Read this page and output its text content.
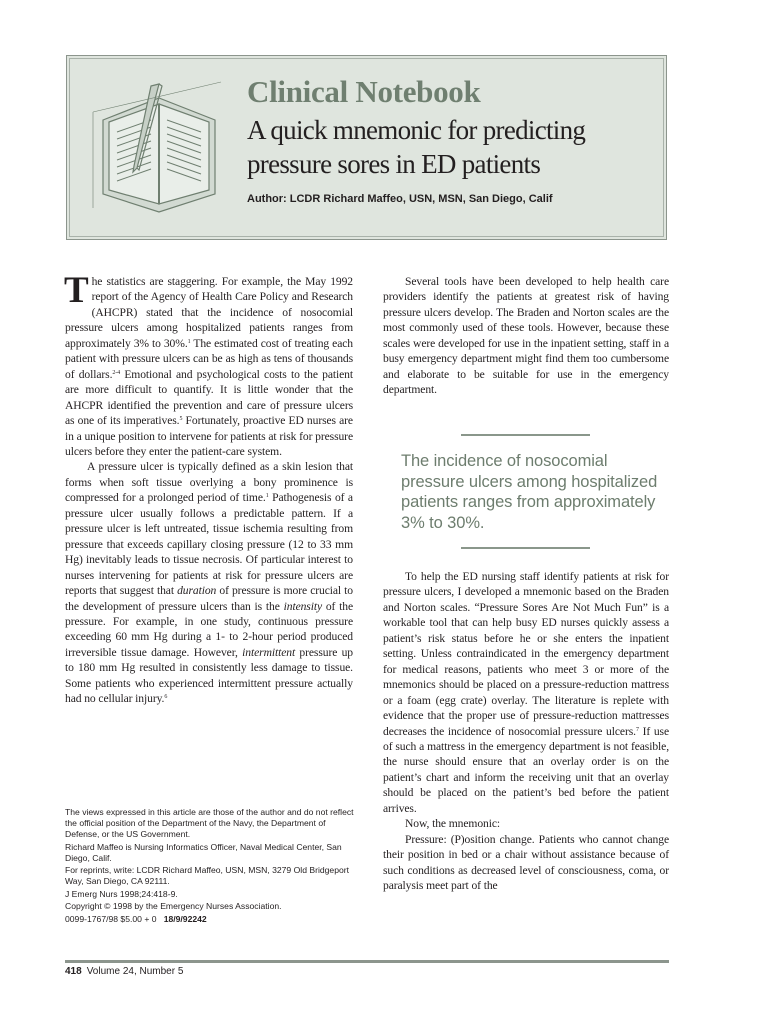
Clinical Notebook
A quick mnemonic for predicting pressure sores in ED patients
Author: LCDR Richard Maffeo, USN, MSN, San Diego, Calif

The statistics are staggering. For example, the May 1992 report of the Agency of Health Care Policy and Research (AHCPR) stated that the incidence of nosocomial pressure ulcers among hospitalized patients ranges from approximately 3% to 30%.$^1$ The estimated cost of treating each patient with pressure ulcers can be as high as tens of thousands of dollars.$^{2-4}$ Emotional and psychological costs to the patient are more difficult to quantify. It is little wonder that the AHCPR identified the prevention and care of pressure ulcers as one of its imperatives.$^5$ Fortunately, proactive ED nurses are in a unique position to intervene for patients at risk for pressure ulcers before they enter the patient-care system.

A pressure ulcer is typically defined as a skin lesion that forms when soft tissue overlying a bony prominence is compressed for a prolonged period of time.$^1$ Pathogenesis of a pressure ulcer usually follows a predictable pattern. If a pressure ulcer is left untreated, tissue ischemia resulting from pressure that exceeds capillary closing pressure (12 to 33 mm Hg) inevitably leads to tissue necrosis. Of particular interest to nurses intervening for patients at risk for pressure ulcers are reports that suggest that duration of pressure is more crucial to the development of pressure ulcers than is the intensity of the pressure. For example, in one study, continuous pressure exceeding 60 mm Hg during a 1- to 2-hour period produced irreversible tissue damage. However, intermittent pressure up to 180 mm Hg resulted in consistently less damage to tissue. Some patients who experienced intermittent pressure actually had no cellular injury.$^6$

Several tools have been developed to help health care providers identify the patients at greatest risk of having pressure ulcers develop. The Braden and Norton scales are the most commonly used of these tools. However, because these scales were developed for use in the inpatient setting, staff in a busy emergency department might find them too cumbersome and elaborate to be suitable for use in the emergency department.

The incidence of nosocomial pressure ulcers among hospitalized patients ranges from approximately 3% to 30%.

To help the ED nursing staff identify patients at risk for pressure ulcers, I developed a mnemonic based on the Braden and Norton scales. “Pressure Sores Are Not Much Fun” is a workable tool that can help busy ED nurses quickly assess a patient’s risk status before he or she enters the inpatient setting. Unless contraindicated in the emergency department for medical reasons, patients who meet 3 or more of the mnemonics should be placed on a pressure-reduction mattress or a foam (egg crate) overlay. The literature is replete with evidence that the proper use of pressure-reduction mattresses decreases the incidence of nosocomial pressure ulcers.$^7$ If use of such a mattress in the emergency department is not feasible, the nurse should ensure that an overlay order is on the patient’s chart and inform the receiving unit that an overlay should be placed on the patient’s bed before the patient arrives.

Now, the mnemonic:

Pressure: (P)osition change. Patients who cannot change their position in bed or a chair without assistance because of such conditions as decreased level of consciousness, coma, or paralysis meet part of the

The views expressed in this article are those of the author and do not reflect the official position of the Department of the Navy, the Department of Defense, or the US Government.

Richard Maffeo is Nursing Informatics Officer, Naval Medical Center, San Diego, Calif.

For reprints, write: LCDR Richard Maffeo, USN, MSN, 3279 Old Bridgeport Way, San Diego, CA 92111.

J Emerg Nurs 1998;24:418-9.

Copyright © 1998 by the Emergency Nurses Association.

0099-1767/98 $5.00 + 0 18/9/92242

418 Volume 24, Number 5
